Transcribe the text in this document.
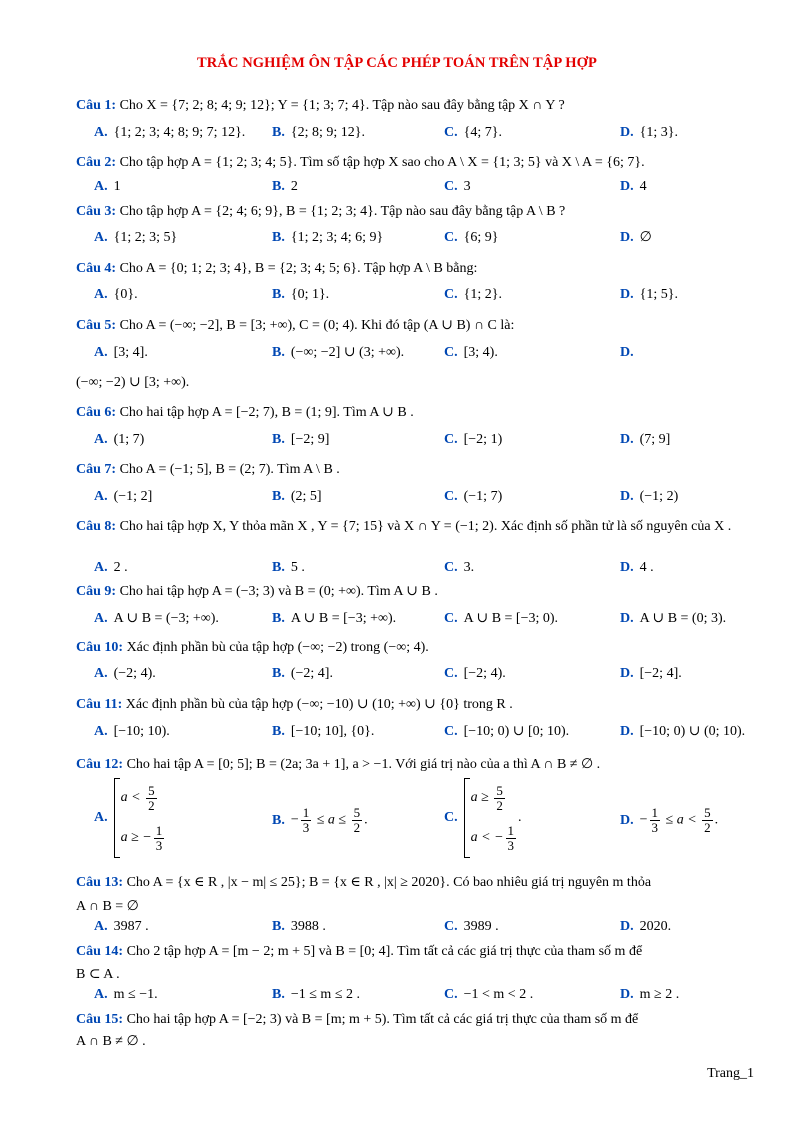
TRẮC NGHIỆM ÔN TẬP CÁC PHÉP TOÁN TRÊN TẬP HỢP
Câu 1: Cho X = {7; 2; 8; 4; 9; 12}; Y = {1; 3; 7; 4}. Tập nào sau đây bằng tập X ∩ Y ?
A. {1; 2; 3; 4; 8; 9; 7; 12}. B. {2; 8; 9; 12}.	C. {4; 7}.	D. {1; 3}.
Câu 2: Cho tập hợp A = {1; 2; 3; 4; 5}. Tìm số tập hợp X sao cho A \ X = {1; 3; 5} và X \ A = {6; 7}.
A. 1	B. 2	C. 3	D. 4
Câu 3: Cho tập hợp A = {2; 4; 6; 9}, B = {1; 2; 3; 4}. Tập nào sau đây bằng tập A \ B ?
A. {1; 2; 3; 5}	B. {1; 2; 3; 4; 6; 9}	C. {6; 9}	D. ∅
Câu 4: Cho A = {0; 1; 2; 3; 4}, B = {2; 3; 4; 5; 6}. Tập hợp A \ B bằng:
A. {0}.	B. {0; 1}.	C. {1; 2}.	D. {1; 5}.
Câu 5: Cho A = (−∞; −2], B = [3; +∞), C = (0; 4). Khi đó tập (A ∪ B) ∩ C là:
A. [3; 4].	B. (−∞; −2] ∪ (3; +∞).	C. [3; 4).	D.
(−∞; −2) ∪ [3; +∞).
Câu 6: Cho hai tập hợp A = [−2; 7), B = (1; 9]. Tìm A ∪ B .
A. (1; 7)	B. [−2; 9]	C. [−2; 1)	D. (7; 9]
Câu 7: Cho A = (−1; 5], B = (2; 7). Tìm A \ B .
A. (−1; 2]	B. (2; 5]	C. (−1; 7)	D. (−1; 2)
Câu 8: Cho hai tập hợp X, Y thỏa mãn X , Y = {7; 15} và X ∩ Y = (−1; 2). Xác định số phần tử là số nguyên của X .
A. 2 .	B. 5 .	C. 3.	D. 4 .
Câu 9: Cho hai tập hợp A = (−3; 3) và B = (0; +∞). Tìm A ∪ B .
A. A ∪ B = (−3; +∞).	B. A ∪ B = [−3; +∞).	C. A ∪ B = [−3; 0).	D. A ∪ B = (0; 3).
Câu 10: Xác định phần bù của tập hợp (−∞; −2) trong (−∞; 4).
A. (−2; 4).	B. (−2; 4].	C. [−2; 4).	D. [−2; 4].
Câu 11: Xác định phần bù của tập hợp (−∞; −10) ∪ (10; +∞) ∪ {0} trong R .
A. [−10; 10).	B. [−10; 10], {0}.	C. [−10; 0) ∪ [0; 10).	D. [−10; 0) ∪ (0; 10).
Câu 12: Cho hai tập A = [0; 5]; B = (2a; 3a + 1], a > −1. Với giá trị nào của a thì A ∩ B ≠ ∅ .
A.
a <
$\frac{5}{2}$
a ≥ − $\frac{1}{3}$
B. − $\frac{1}{3} \le a \le \frac{5}{2}$ .	C.
a ≥
$\frac{5}{2}$
a < − $\frac{1}{3}$
.	D. − $\frac{1}{3} \le a < \frac{5}{2}$ .
Câu 13: Cho A = {x ∈ R , |x − m| ≤ 25}; B = {x ∈ R , |x| ≥ 2020}. Có bao nhiêu giá trị nguyên m thỏa
A ∩ B = ∅
A. 3987 .	B. 3988 .	C. 3989 .	D. 2020.
Câu 14: Cho 2 tập hợp A = [m − 2; m + 5] và B = [0; 4]. Tìm tất cả các giá trị thực của tham số m để
B ⊂ A .
A. m ≤ −1.	B. −1 ≤ m ≤ 2 .	C. −1 < m < 2 .	D. m ≥ 2 .
Câu 15: Cho hai tập hợp A = [−2; 3) và B = [m; m + 5). Tìm tất cả các giá trị thực của tham số m để
A ∩ B ≠ ∅ .
Trang_1
